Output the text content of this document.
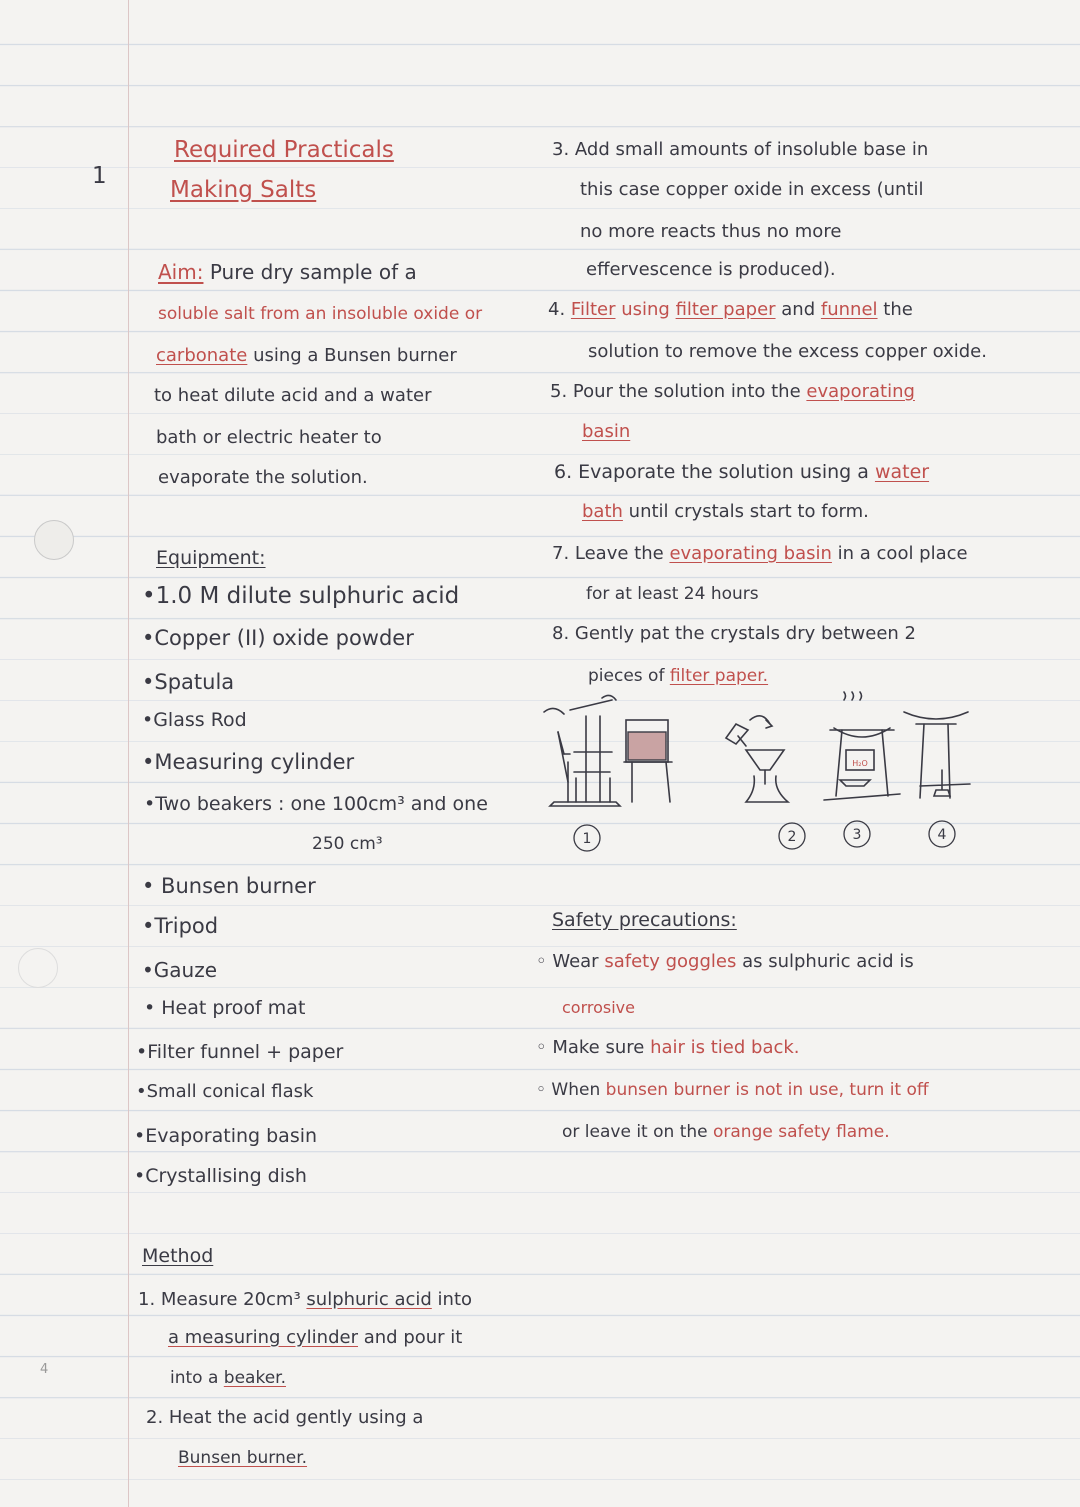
1
4
Required Practicals
Making Salts
Aim: Pure dry sample of a
soluble salt from an insoluble oxide or
carbonate using a Bunsen burner
to heat dilute acid and a water
bath or electric heater to
evaporate the solution.
Equipment:
•1.0 M dilute sulphuric acid
•Copper (II) oxide powder
•Spatula
•Glass Rod
•Measuring cylinder
•Two beakers : one 100cm³ and one
250 cm³
• Bunsen burner
•Tripod
•Gauze
• Heat proof mat
•Filter funnel + paper
•Small conical flask
•Evaporating basin
•Crystallising dish
Method
1. Measure 20cm³ sulphuric acid into
a measuring cylinder and pour it
into a beaker.
2. Heat the acid gently using a
Bunsen burner.
3. Add small amounts of insoluble base in
this case copper oxide in excess (until
no more reacts thus no more
effervescence is produced).
4. Filter using filter paper and funnel the
solution to remove the excess copper oxide.
5. Pour the solution into the evaporating
basin
6. Evaporate the solution using a water
bath until crystals start to form.
7. Leave the evaporating basin in a cool place
for at least 24 hours
8. Gently pat the crystals dry between 2
pieces of filter paper.
1	2	3	4
H₂O
Safety precautions:
◦ Wear safety goggles as sulphuric acid is
corrosive
◦ Make sure hair is tied back.
◦ When bunsen burner is not in use, turn it off
or leave it on the orange safety flame.
